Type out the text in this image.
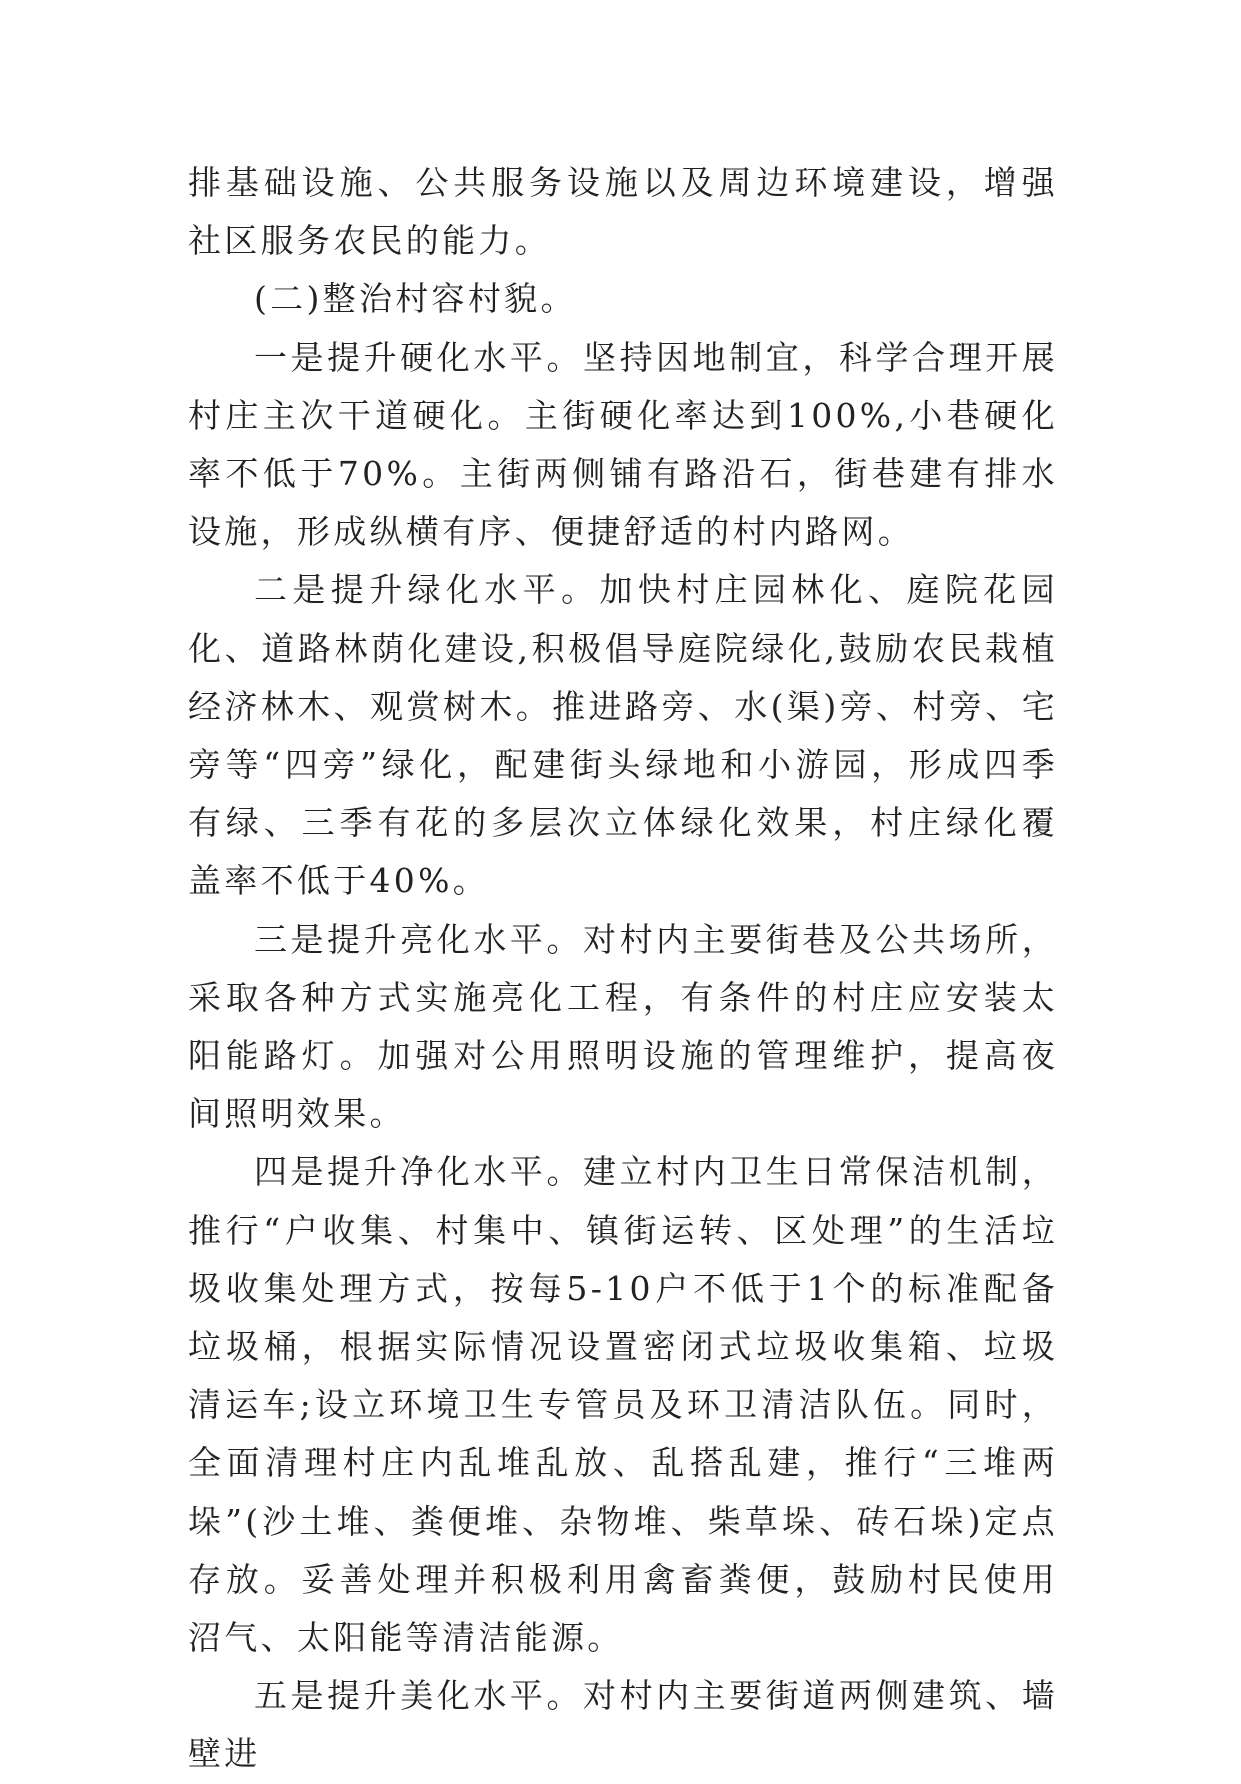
排基础设施、公共服务设施以及周边环境建设，增强社区服务农民的能力。

(二)整治村容村貌。

一是提升硬化水平。坚持因地制宜，科学合理开展村庄主次干道硬化。主街硬化率达到100%,小巷硬化率不低于70%。主街两侧铺有路沿石，街巷建有排水设施，形成纵横有序、便捷舒适的村内路网。

二是提升绿化水平。加快村庄园林化、庭院花园化、道路林荫化建设,积极倡导庭院绿化,鼓励农民栽植经济林木、观赏树木。推进路旁、水(渠)旁、村旁、宅旁等“四旁”绿化，配建街头绿地和小游园，形成四季有绿、三季有花的多层次立体绿化效果，村庄绿化覆盖率不低于40%。

三是提升亮化水平。对村内主要街巷及公共场所，采取各种方式实施亮化工程，有条件的村庄应安装太阳能路灯。加强对公用照明设施的管理维护，提高夜间照明效果。

四是提升净化水平。建立村内卫生日常保洁机制，推行“户收集、村集中、镇街运转、区处理”的生活垃圾收集处理方式，按每5-10户不低于1个的标准配备垃圾桶，根据实际情况设置密闭式垃圾收集箱、垃圾清运车;设立环境卫生专管员及环卫清洁队伍。同时，全面清理村庄内乱堆乱放、乱搭乱建，推行“三堆两垛”(沙土堆、粪便堆、杂物堆、柴草垛、砖石垛)定点存放。妥善处理并积极利用禽畜粪便，鼓励村民使用沼气、太阳能等清洁能源。

五是提升美化水平。对村内主要街道两侧建筑、墙壁进
